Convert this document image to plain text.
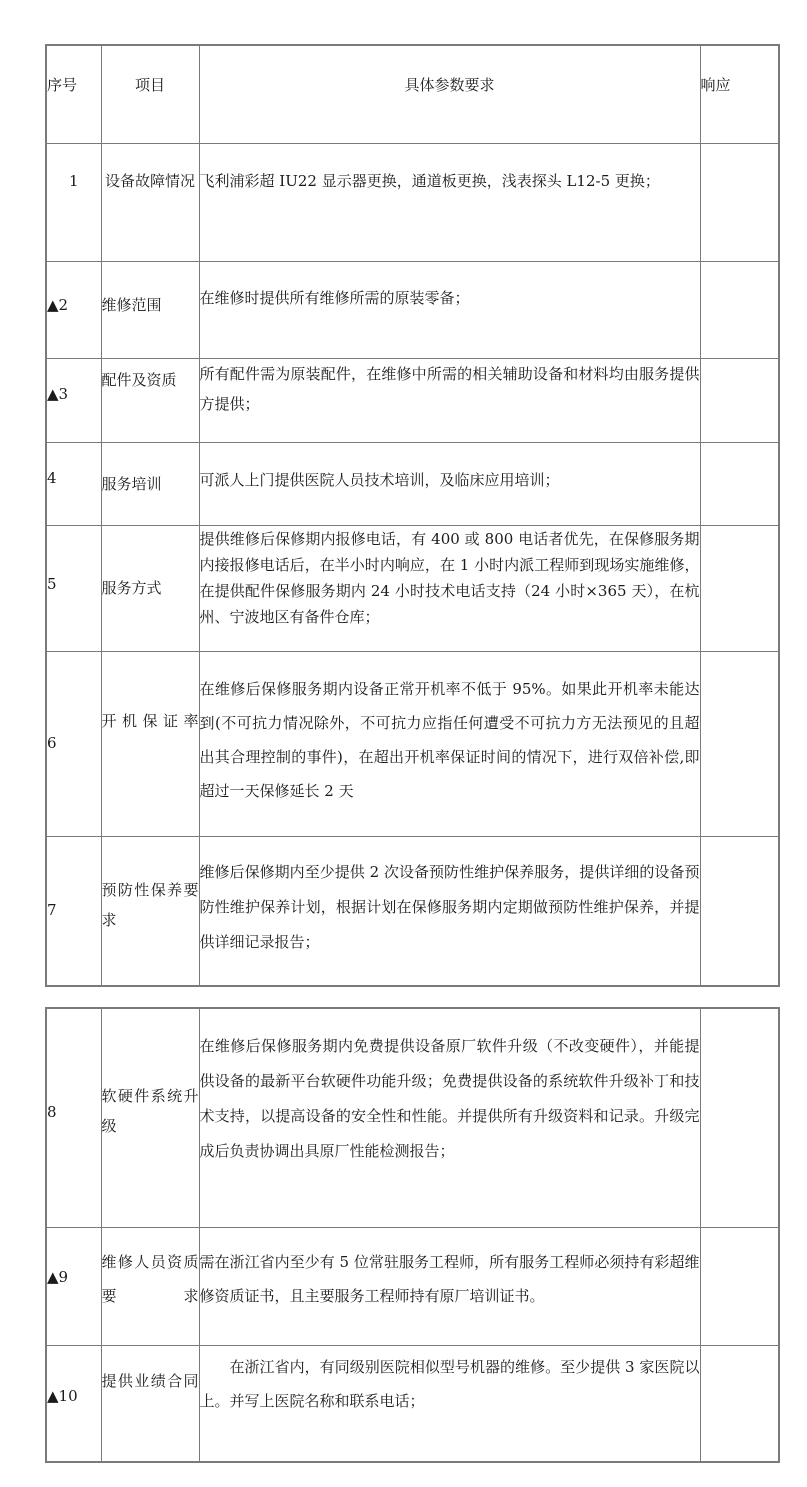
序号	项目	具体参数要求	响应
1	设备故障情况	飞利浦彩超 IU22 显示器更换，通道板更换，浅表探头 L12-5 更换；	
▲2	维修范围	在维修时提供所有维修所需的原装零备；	
▲3	配件及资质	所有配件需为原装配件，在维修中所需的相关辅助设备和材料均由服务提供方提供；	
4	服务培训	可派人上门提供医院人员技术培训，及临床应用培训；	
5	服务方式	提供维修后保修期内报修电话，有 400 或 800 电话者优先，在保修服务期内接报修电话后，在半小时内响应，在 1 小时内派工程师到现场实施维修，在提供配件保修服务期内 24 小时技术电话支持（24 小时×365 天），在杭州、宁波地区有备件仓库；	
6	开机保证率	在维修后保修服务期内设备正常开机率不低于 95%。如果此开机率未能达到(不可抗力情况除外，不可抗力应指任何遭受不可抗力方无法预见的且超出其合理控制的事件)，在超出开机率保证时间的情况下，进行双倍补偿,即超过一天保修延长 2 天	
7	预防性保养要求	维修后保修期内至少提供 2 次设备预防性维护保养服务，提供详细的设备预防性维护保养计划，根据计划在保修服务期内定期做预防性维护保养，并提供详细记录报告；	
8	软硬件系统升级	在维修后保修服务期内免费提供设备原厂软件升级（不改变硬件），并能提供设备的最新平台软硬件功能升级；免费提供设备的系统软件升级补丁和技术支持，以提高设备的安全性和性能。并提供所有升级资料和记录。升级完成后负责协调出具原厂性能检测报告；	
▲9	维修人员资质要求	需在浙江省内至少有 5 位常驻服务工程师，所有服务工程师必须持有彩超维修资质证书，且主要服务工程师持有原厂培训证书。	
▲10	提供业绩合同	在浙江省内，有同级别医院相似型号机器的维修。至少提供 3 家医院以上。并写上医院名称和联系电话；	
